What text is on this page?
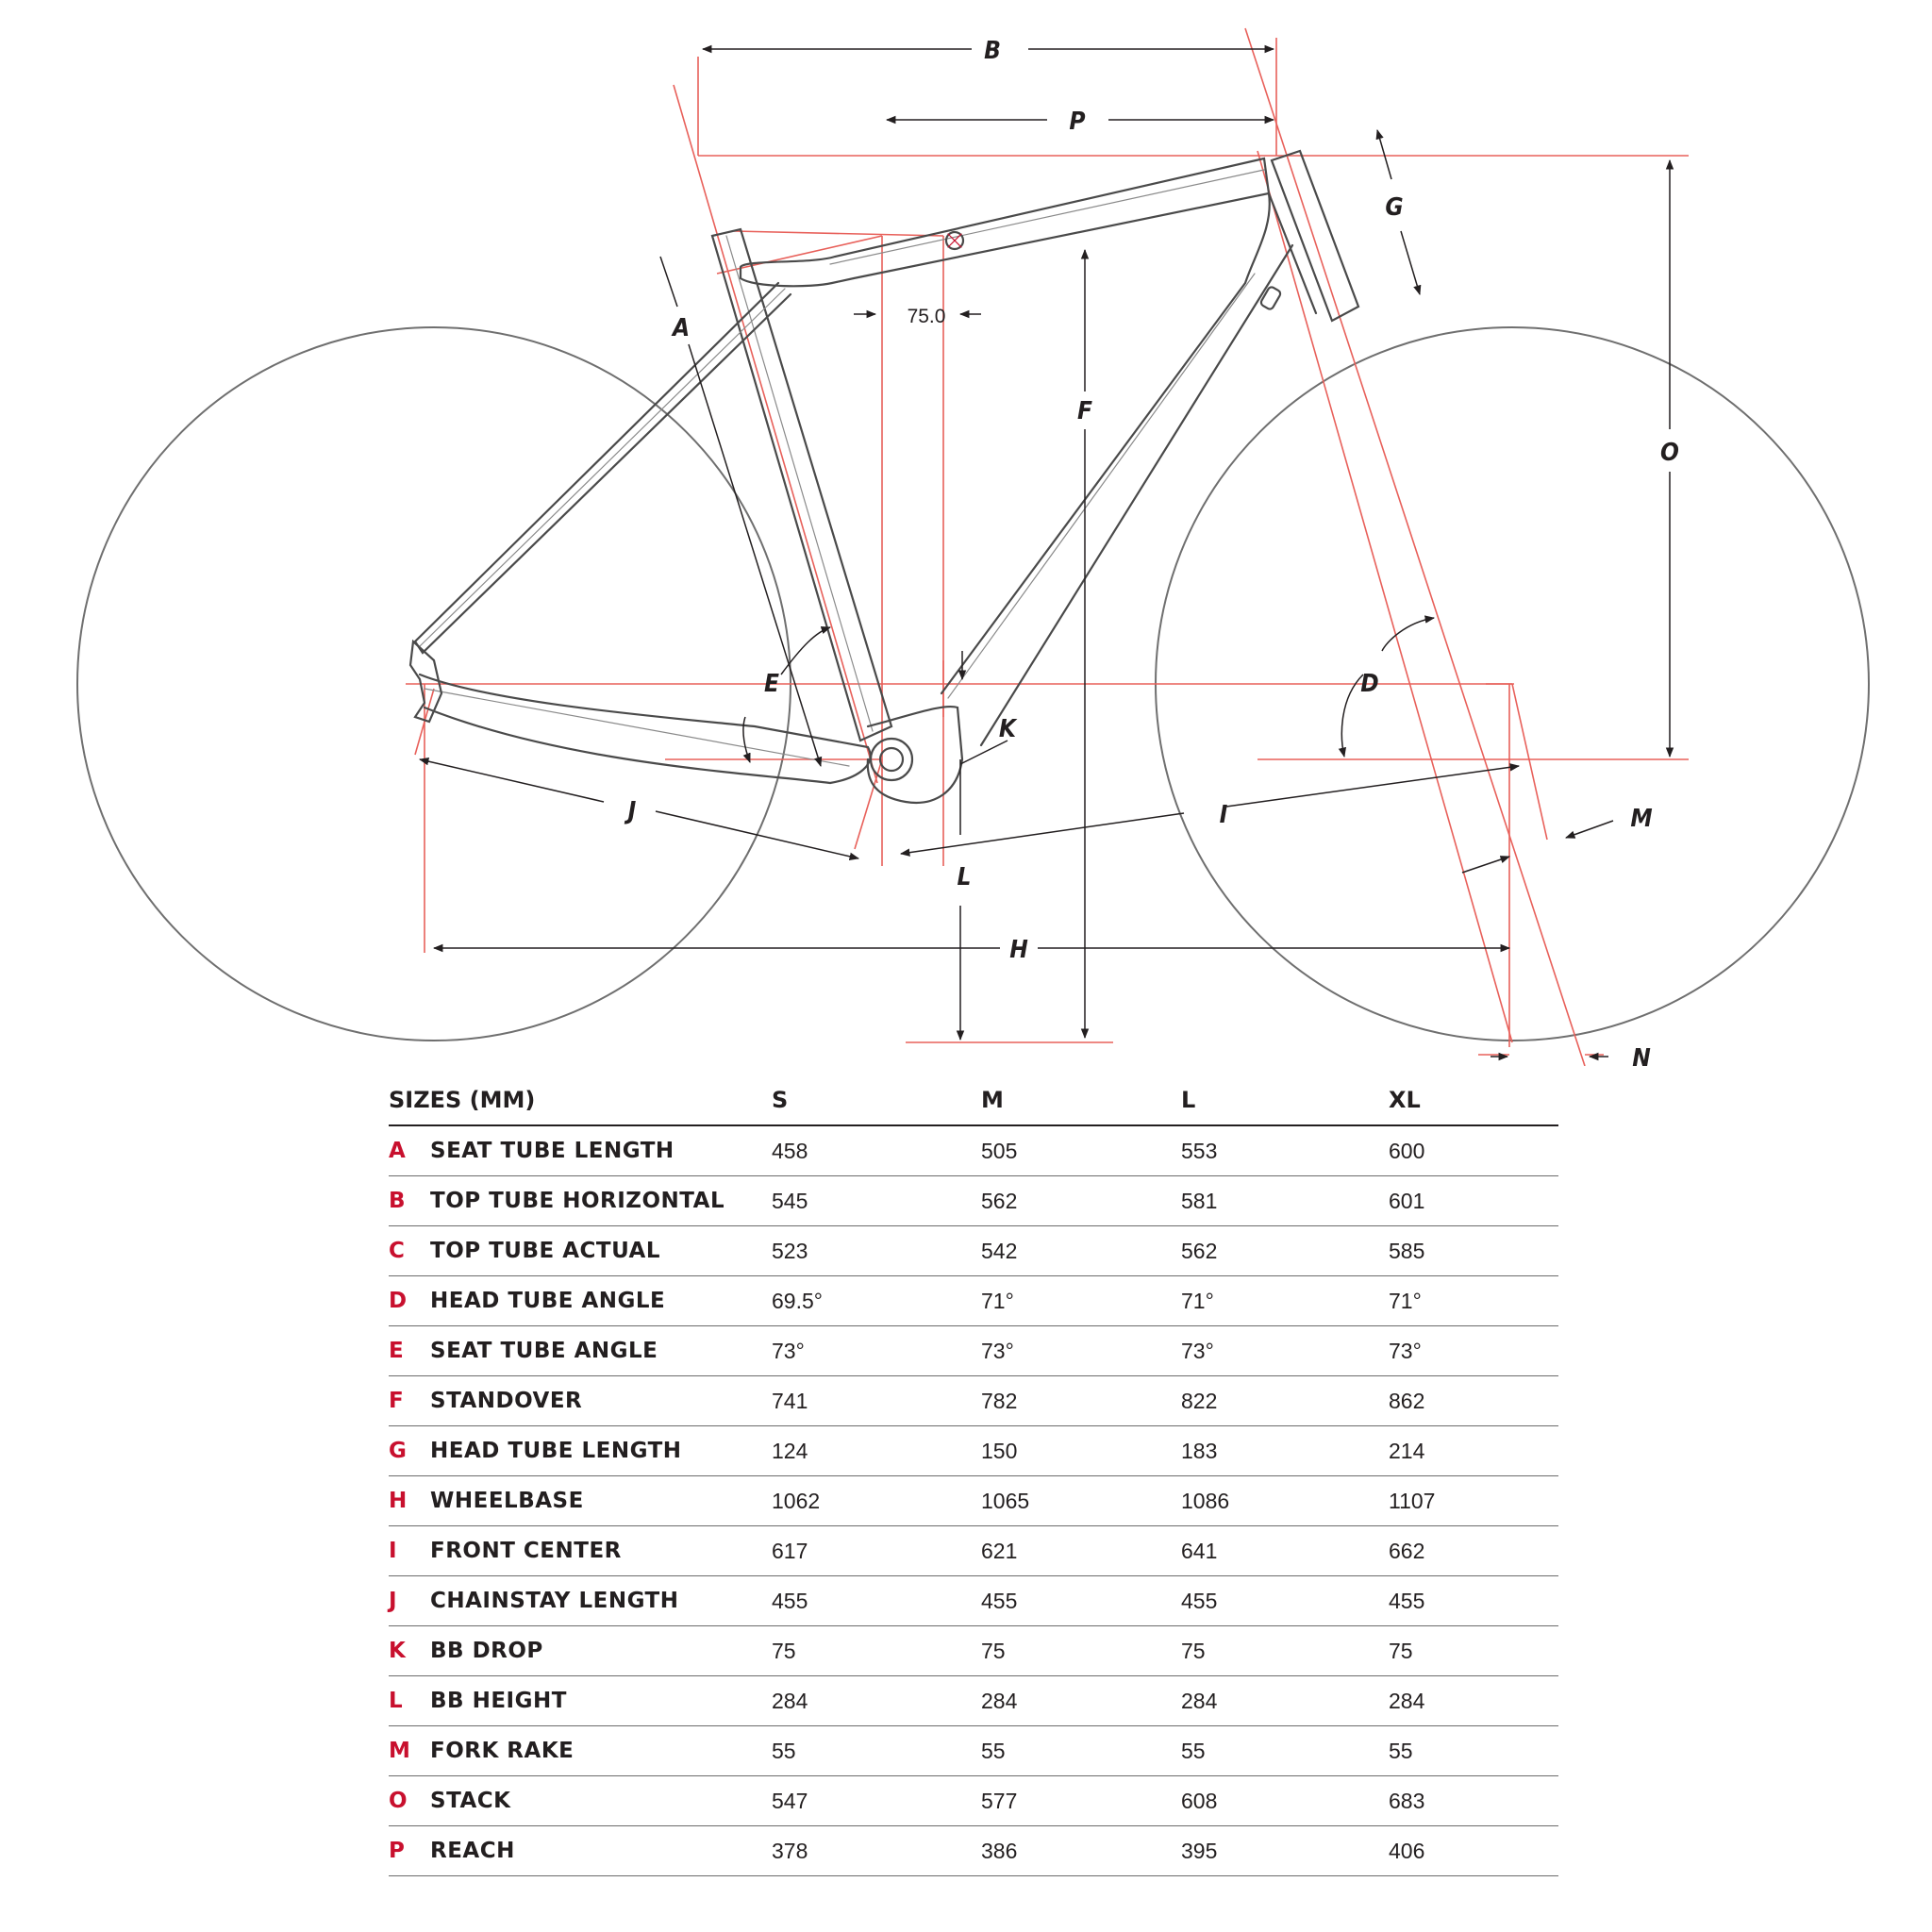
B
P
G
A
F
O
E	D
K
J	I	M
L
H
N
75.0
SIZES (MM)		S	M	L	XL
A	SEAT TUBE LENGTH	458	505	553	600
B	TOP TUBE HORIZONTAL	545	562	581	601
C	TOP TUBE ACTUAL	523	542	562	585
D	HEAD TUBE ANGLE	69.5°	71°	71°	71°
E	SEAT TUBE ANGLE	73°	73°	73°	73°
F	STANDOVER	741	782	822	862
G	HEAD TUBE LENGTH	124	150	183	214
H	WHEELBASE	1062	1065	1086	1107
I	FRONT CENTER	617	621	641	662
J	CHAINSTAY LENGTH	455	455	455	455
K	BB DROP	75	75	75	75
L	BB HEIGHT	284	284	284	284
M	FORK RAKE	55	55	55	55
O	STACK	547	577	608	683
P	REACH	378	386	395	406
